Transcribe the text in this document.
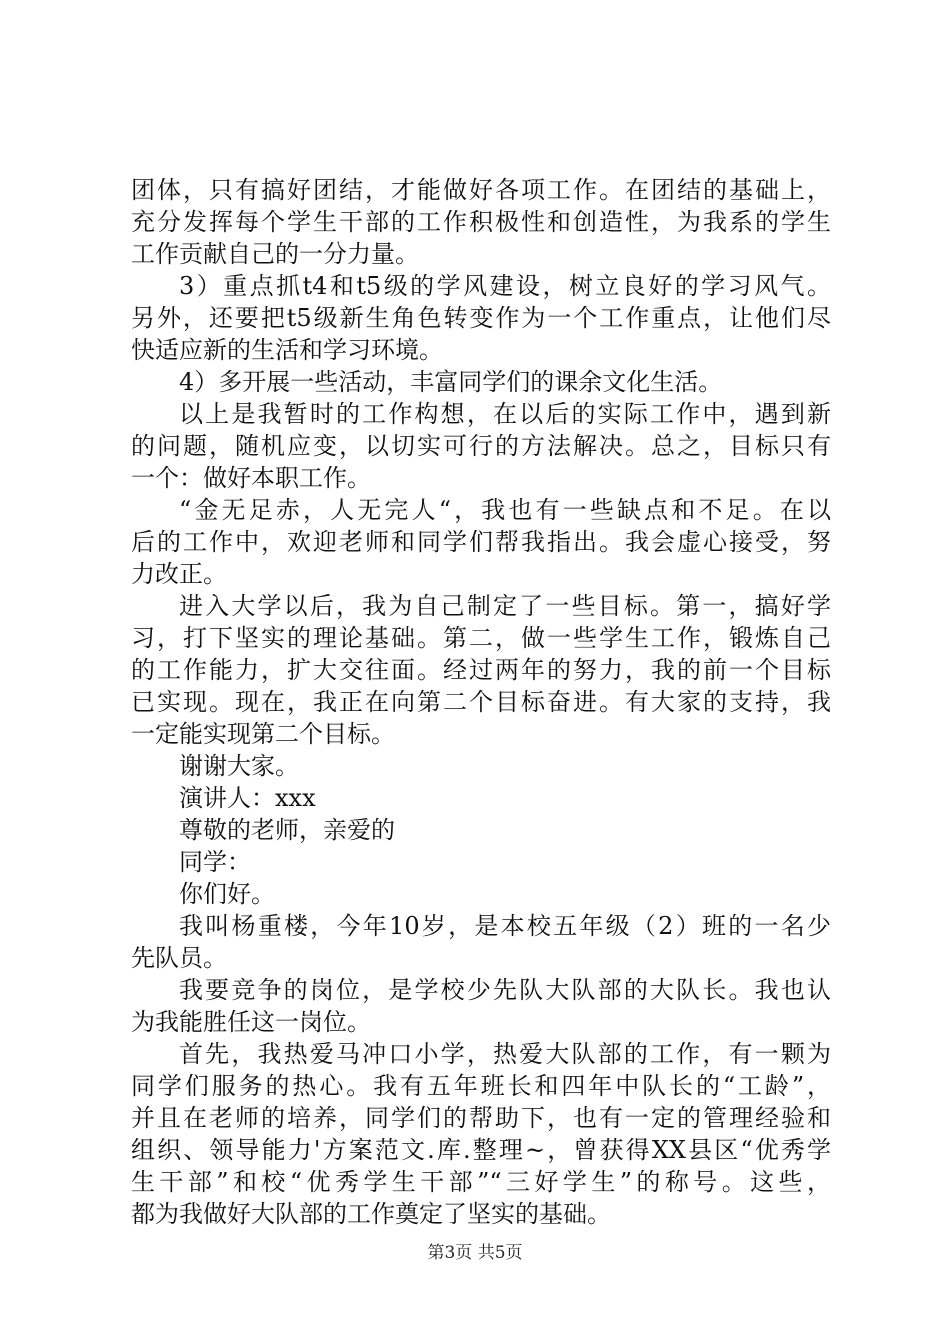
团体，只有搞好团结，才能做好各项工作。在团结的基础上，
充分发挥每个学生干部的工作积极性和创造性，为我系的学生
工作贡献自己的一分力量。
3）重点抓t4和t5级的学风建设，树立良好的学习风气。
另外，还要把t5级新生角色转变作为一个工作重点，让他们尽
快适应新的生活和学习环境。
4）多开展一些活动，丰富同学们的课余文化生活。
以上是我暂时的工作构想，在以后的实际工作中，遇到新
的问题，随机应变，以切实可行的方法解决。总之，目标只有
一个：做好本职工作。
“金无足赤，人无完人“，我也有一些缺点和不足。在以
后的工作中，欢迎老师和同学们帮我指出。我会虚心接受，努
力改正。
进入大学以后，我为自己制定了一些目标。第一，搞好学
习，打下坚实的理论基础。第二，做一些学生工作，锻炼自己
的工作能力，扩大交往面。经过两年的努力，我的前一个目标
已实现。现在，我正在向第二个目标奋进。有大家的支持，我
一定能实现第二个目标。
谢谢大家。
演讲人：xxx
尊敬的老师，亲爱的
同学：
你们好。
我叫杨重楼，今年10岁，是本校五年级（2）班的一名少
先队员。
我要竞争的岗位，是学校少先队大队部的大队长。我也认
为我能胜任这一岗位。
首先，我热爱马冲口小学，热爱大队部的工作，有一颗为
同学们服务的热心。我有五年班长和四年中队长的“工龄”，
并且在老师的培养，同学们的帮助下，也有一定的管理经验和
组织、领导能力'方案范文.库.整理~，曾获得XX县区“优秀学
生干部”和校“优秀学生干部”“三好学生”的称号。这些，
都为我做好大队部的工作奠定了坚实的基础。
第3页 共5页
